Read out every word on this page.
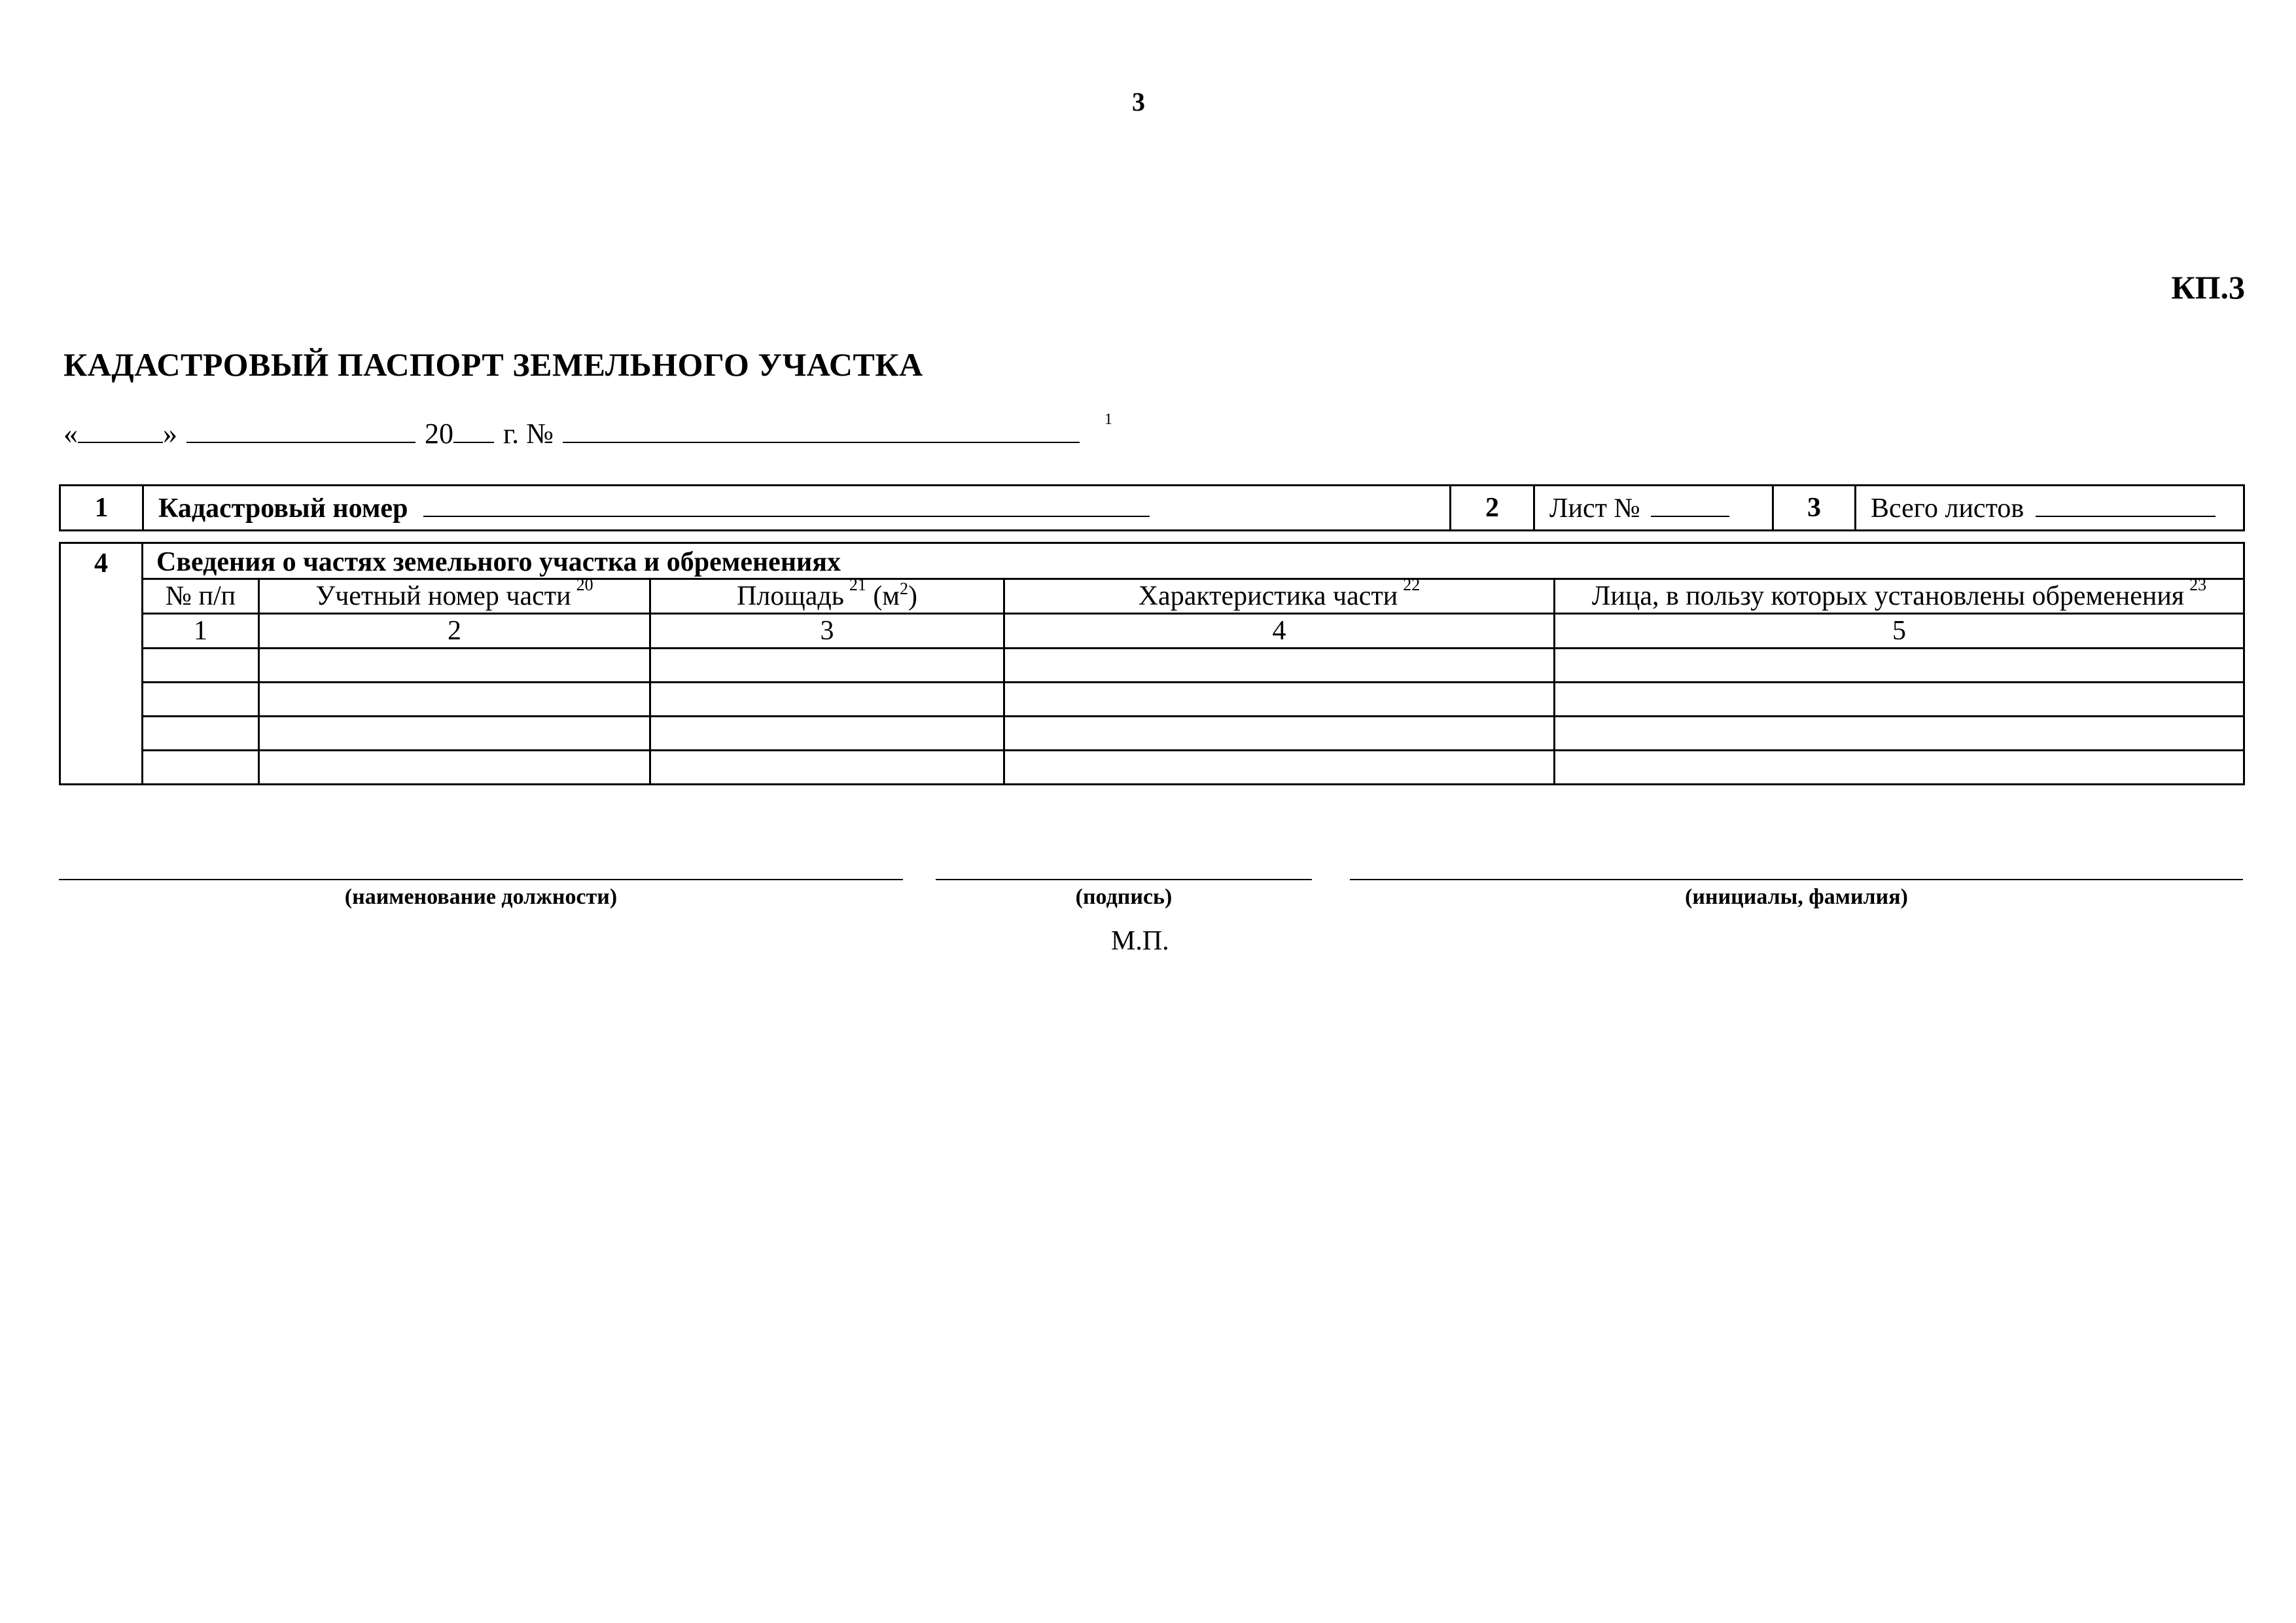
3
КП.3
КАДАСТРОВЫЙ ПАСПОРТ ЗЕМЕЛЬНОГО УЧАСТКА
«	»	20 г. №	1
1	Кадастровый номер	2	Лист №	3	Всего листов
4	Сведения о частях земельного участка и обременениях				
	№ п/п	Учетный номер части $^{20}$	Площадь $^{21}$ $(м^2)$	Характеристика части $^{22}$	Лица, в пользу которых установлены обременения $^{23}$
	1	2	3	4	5

(наименование должности)	(подпись)	(инициалы, фамилия)
М.П.
